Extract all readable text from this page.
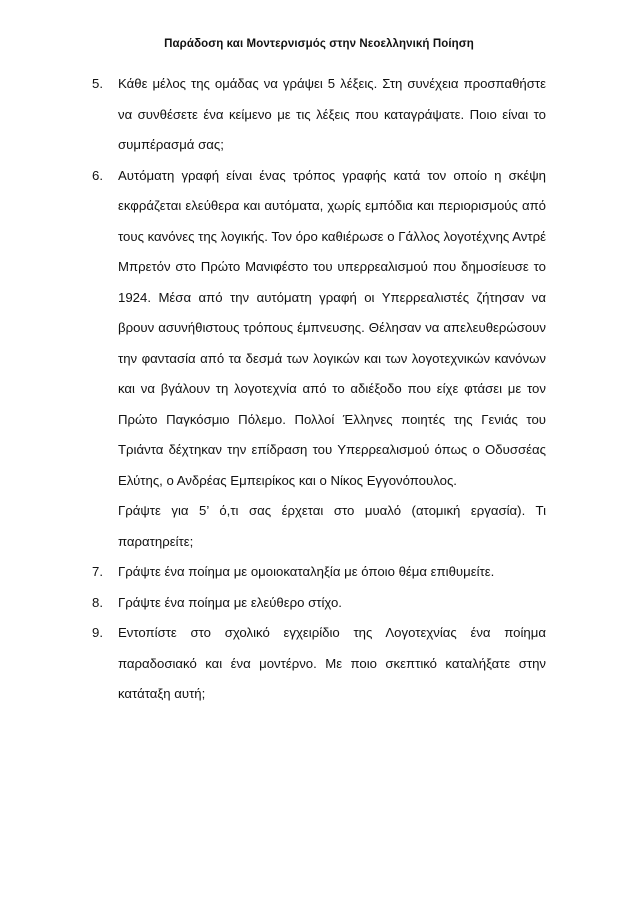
Παράδοση και Μοντερνισμός στην Νεοελληνική Ποίηση
5. Κάθε μέλος της ομάδας να γράψει 5 λέξεις. Στη συνέχεια προσπαθήστε να συνθέσετε ένα κείμενο με τις λέξεις που καταγράψατε. Ποιο είναι το συμπέρασμά σας;
6. Αυτόματη γραφή είναι ένας τρόπος γραφής κατά τον οποίο η σκέψη εκφράζεται ελεύθερα και αυτόματα, χωρίς εμπόδια και περιορισμούς από τους κανόνες της λογικής. Τον όρο καθιέρωσε ο Γάλλος λογοτέχνης Αντρέ Μπρετόν στο Πρώτο Μανιφέστο του υπερρεαλισμού που δημοσίευσε το 1924. Μέσα από την αυτόματη γραφή οι Υπερρεαλιστές ζήτησαν να βρουν ασυνήθιστους τρόπους έμπνευσης. Θέλησαν να απελευθερώσουν την φαντασία από τα δεσμά των λογικών και των λογοτεχνικών κανόνων και να βγάλουν τη λογοτεχνία από το αδιέξοδο που είχε φτάσει με τον Πρώτο Παγκόσμιο Πόλεμο. Πολλοί Έλληνες ποιητές της Γενιάς του Τριάντα δέχτηκαν την επίδραση του Υπερρεαλισμού όπως ο Οδυσσέας Ελύτης, ο Ανδρέας Εμπειρίκος και ο Νίκος Εγγονόπουλος.
Γράψτε για 5’ ό,τι σας έρχεται στο μυαλό (ατομική εργασία). Τι παρατηρείτε;
7. Γράψτε ένα ποίημα με ομοιοκαταληξία με όποιο θέμα επιθυμείτε.
8. Γράψτε ένα ποίημα με ελεύθερο στίχο.
9. Εντοπίστε στο σχολικό εγχειρίδιο της Λογοτεχνίας ένα ποίημα παραδοσιακό και ένα μοντέρνο. Με ποιο σκεπτικό καταλήξατε στην κατάταξη αυτή;
